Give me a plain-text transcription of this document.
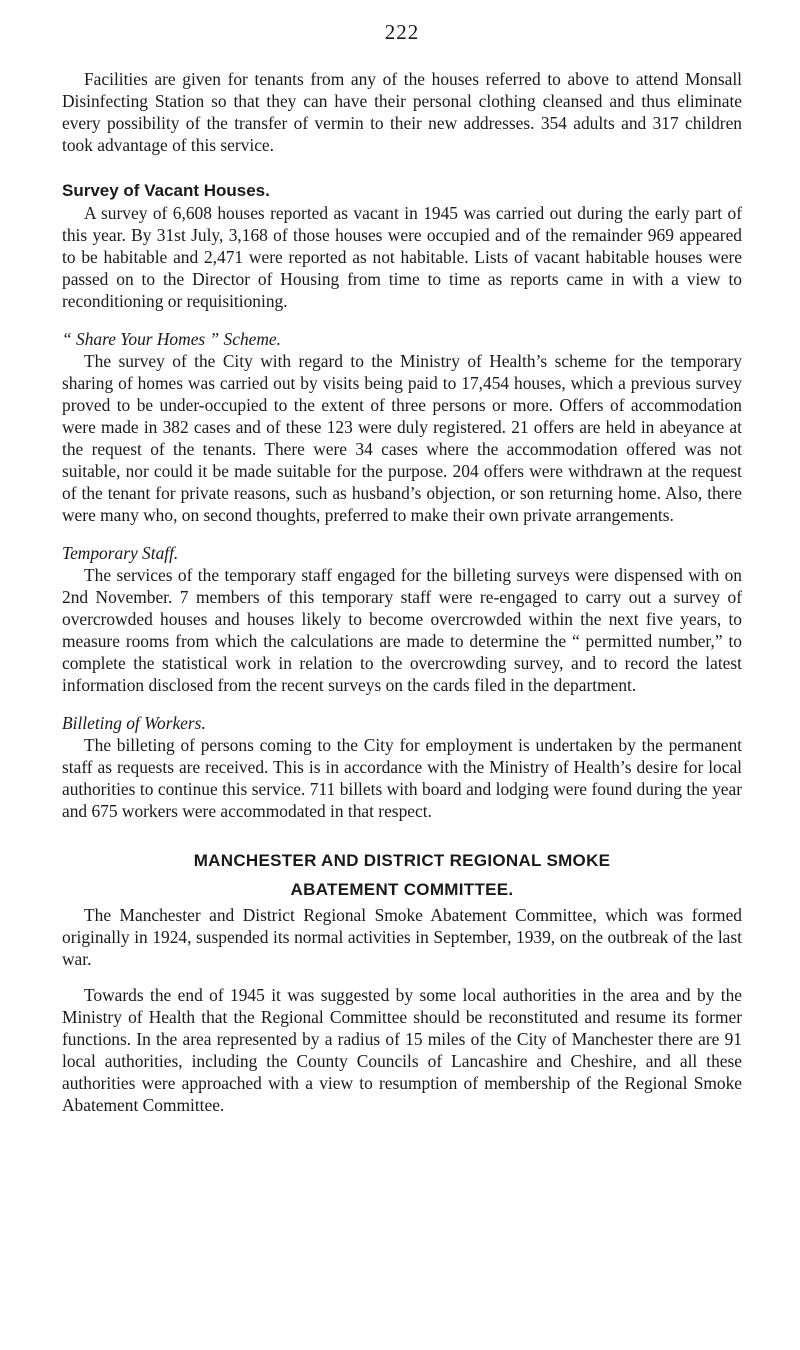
222

Facilities are given for tenants from any of the houses referred to above to attend Monsall Disinfecting Station so that they can have their personal clothing cleansed and thus eliminate every possibility of the transfer of vermin to their new addresses. 354 adults and 317 children took advantage of this service.

Survey of Vacant Houses.

A survey of 6,608 houses reported as vacant in 1945 was carried out during the early part of this year. By 31st July, 3,168 of those houses were occupied and of the remainder 969 appeared to be habitable and 2,471 were reported as not habitable. Lists of vacant habitable houses were passed on to the Director of Housing from time to time as reports came in with a view to reconditioning or requisitioning.

“ Share Your Homes ” Scheme.

The survey of the City with regard to the Ministry of Health’s scheme for the temporary sharing of homes was carried out by visits being paid to 17,454 houses, which a previous survey proved to be under-occupied to the extent of three persons or more. Offers of accommodation were made in 382 cases and of these 123 were duly registered. 21 offers are held in abeyance at the request of the tenants. There were 34 cases where the accommodation offered was not suitable, nor could it be made suitable for the purpose. 204 offers were withdrawn at the request of the tenant for private reasons, such as husband’s objection, or son returning home. Also, there were many who, on second thoughts, preferred to make their own private arrangements.

Temporary Staff.

The services of the temporary staff engaged for the billeting surveys were dispensed with on 2nd November. 7 members of this temporary staff were re-engaged to carry out a survey of overcrowded houses and houses likely to become overcrowded within the next five years, to measure rooms from which the calculations are made to determine the “ permitted number,” to complete the statistical work in relation to the overcrowding survey, and to record the latest information disclosed from the recent surveys on the cards filed in the department.

Billeting of Workers.

The billeting of persons coming to the City for employment is undertaken by the permanent staff as requests are received. This is in accordance with the Ministry of Health’s desire for local authorities to continue this service. 711 billets with board and lodging were found during the year and 675 workers were accommodated in that respect.

MANCHESTER AND DISTRICT REGIONAL SMOKE
ABATEMENT COMMITTEE.

The Manchester and District Regional Smoke Abatement Committee, which was formed originally in 1924, suspended its normal activities in September, 1939, on the outbreak of the last war.

Towards the end of 1945 it was suggested by some local authorities in the area and by the Ministry of Health that the Regional Committee should be reconstituted and resume its former functions. In the area represented by a radius of 15 miles of the City of Manchester there are 91 local authorities, including the County Councils of Lancashire and Cheshire, and all these authorities were approached with a view to resumption of membership of the Regional Smoke Abatement Committee.
